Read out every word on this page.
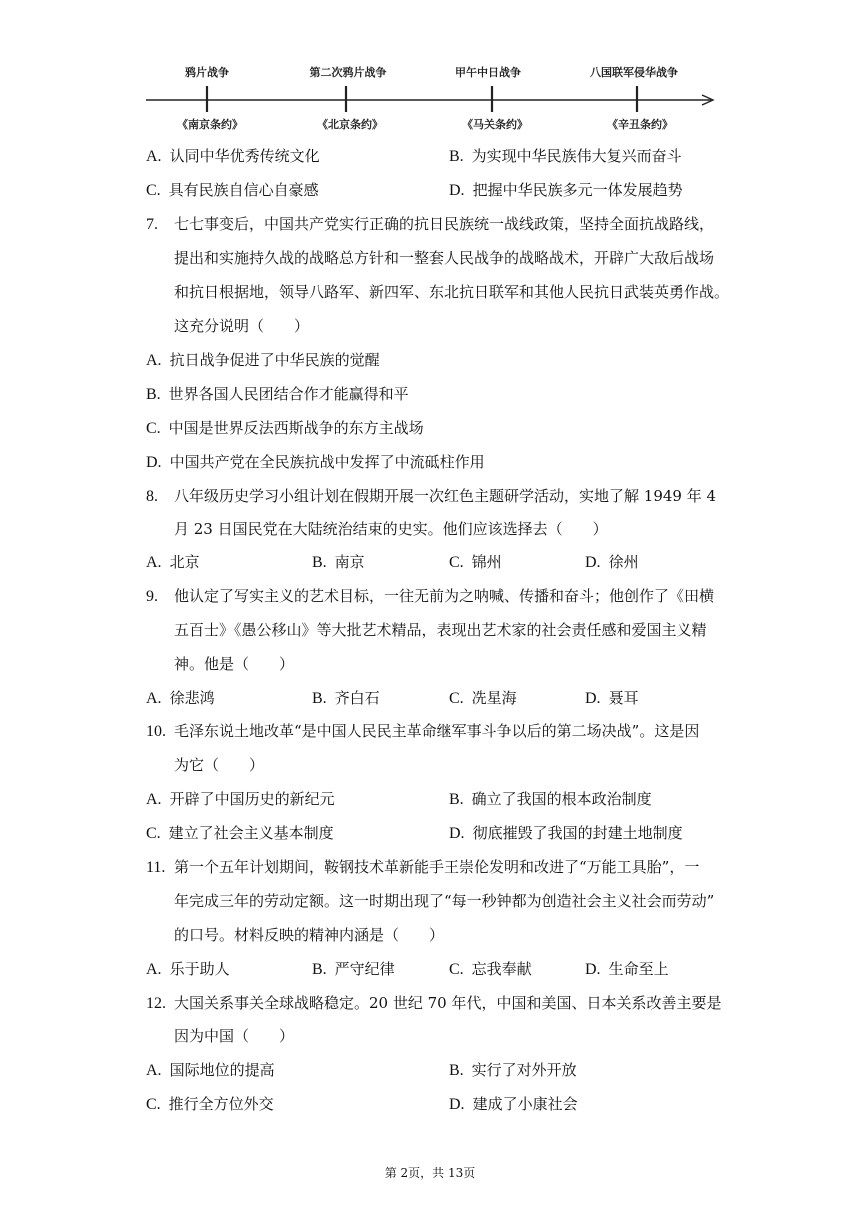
鸦片战争	第二次鸦片战争	甲午中日战争	八国联军侵华战争
《南京条约》	《北京条约》	《马关条约》	《辛丑条约》
A. 认同中华优秀传统文化	B. 为实现中华民族伟大复兴而奋斗
C. 具有民族自信心自豪感	D. 把握中华民族多元一体发展趋势
7. 七七事变后，中国共产党实行正确的抗日民族统一战线政策，坚持全面抗战路线，
提出和实施持久战的战略总方针和一整套人民战争的战略战术，开辟广大敌后战场
和抗日根据地，领导八路军、新四军、东北抗日联军和其他人民抗日武装英勇作战。
这充分说明（　　）
A. 抗日战争促进了中华民族的觉醒
B. 世界各国人民团结合作才能赢得和平
C. 中国是世界反法西斯战争的东方主战场
D. 中国共产党在全民族抗战中发挥了中流砥柱作用
8. 八年级历史学习小组计划在假期开展一次红色主题研学活动，实地了解 1949 年 4
月 23 日国民党在大陆统治结束的史实。他们应该选择去（　　）
A. 北京	B. 南京	C. 锦州	D. 徐州
9. 他认定了写实主义的艺术目标，一往无前为之呐喊、传播和奋斗；他创作了《田横
五百士》《愚公移山》等大批艺术精品，表现出艺术家的社会责任感和爱国主义精
神。他是（　　）
A. 徐悲鸿	B. 齐白石	C. 冼星海	D. 聂耳
10. 毛泽东说土地改革“是中国人民民主革命继军事斗争以后的第二场决战”。这是因
为它（　　）
A. 开辟了中国历史的新纪元	B. 确立了我国的根本政治制度
C. 建立了社会主义基本制度	D. 彻底摧毁了我国的封建土地制度
11. 第一个五年计划期间，鞍钢技术革新能手王崇伦发明和改进了“万能工具胎”，一
年完成三年的劳动定额。这一时期出现了“每一秒钟都为创造社会主义社会而劳动”
的口号。材料反映的精神内涵是（　　）
A. 乐于助人	B. 严守纪律	C. 忘我奉献	D. 生命至上
12. 大国关系事关全球战略稳定。20 世纪 70 年代，中国和美国、日本关系改善主要是
因为中国（　　）
A. 国际地位的提高	B. 实行了对外开放
C. 推行全方位外交	D. 建成了小康社会
第 2页，共 13页
